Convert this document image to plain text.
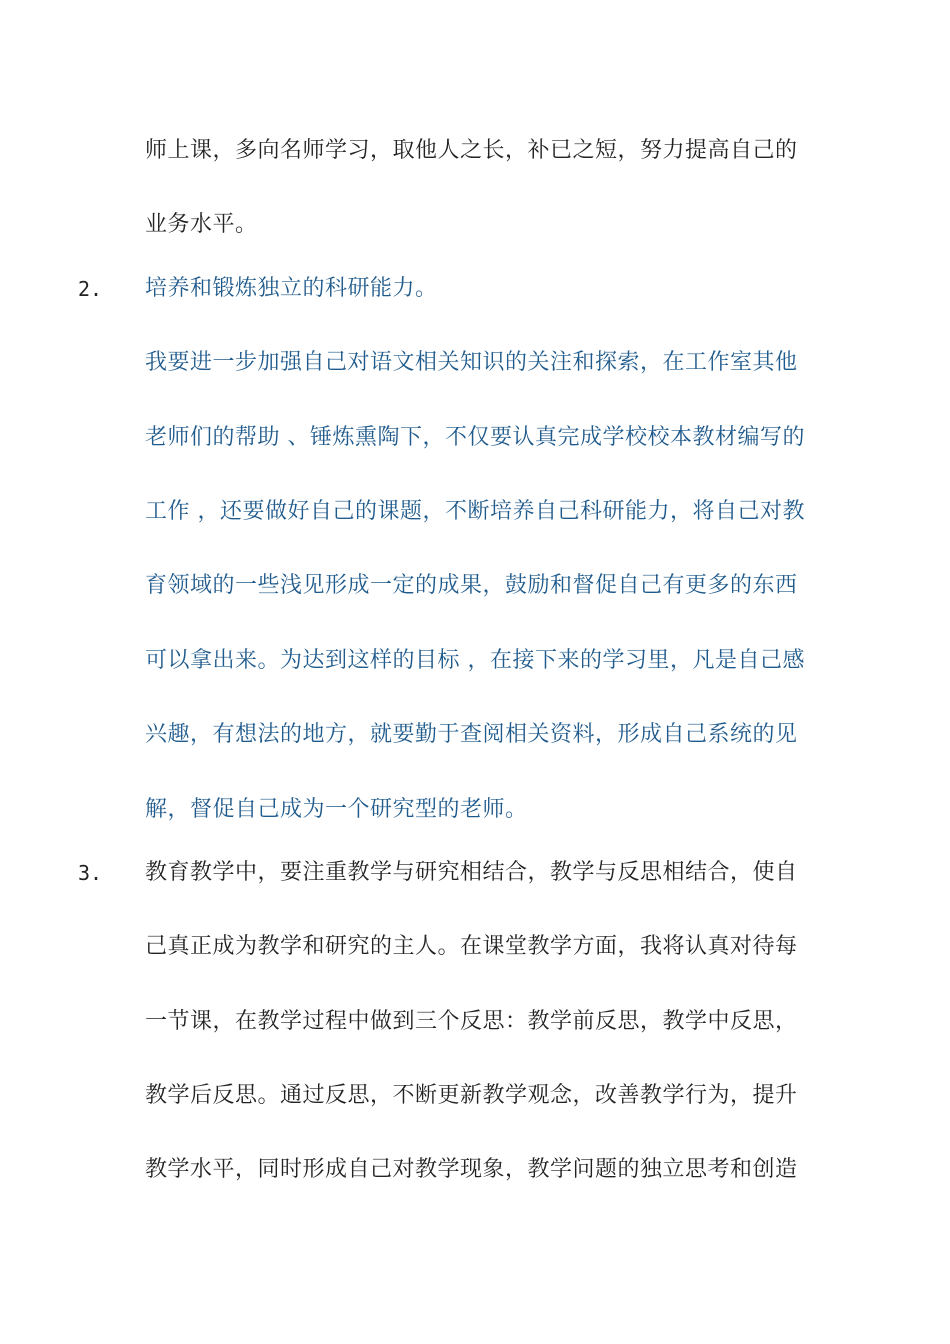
师上课，多向名师学习，取他人之长，补已之短，努力提高自己的
业务水平。
2. 培养和锻炼独立的科研能力。
我要进一步加强自己对语文相关知识的关注和探索，在工作室其他
老师们的帮助 、锤炼熏陶下，不仅要认真完成学校校本教材编写的
工作 ，还要做好自己的课题，不断培养自己科研能力，将自己对教
育领域的一些浅见形成一定的成果，鼓励和督促自己有更多的东西
可以拿出来。为达到这样的目标 ，在接下来的学习里，凡是自己感
兴趣，有想法的地方，就要勤于查阅相关资料，形成自己系统的见
解，督促自己成为一个研究型的老师。
3. 教育教学中，要注重教学与研究相结合，教学与反思相结合，使自
己真正成为教学和研究的主人。在课堂教学方面，我将认真对待每
一节课，在教学过程中做到三个反思：教学前反思，教学中反思，
教学后反思。通过反思，不断更新教学观念，改善教学行为，提升
教学水平，同时形成自己对教学现象，教学问题的独立思考和创造
